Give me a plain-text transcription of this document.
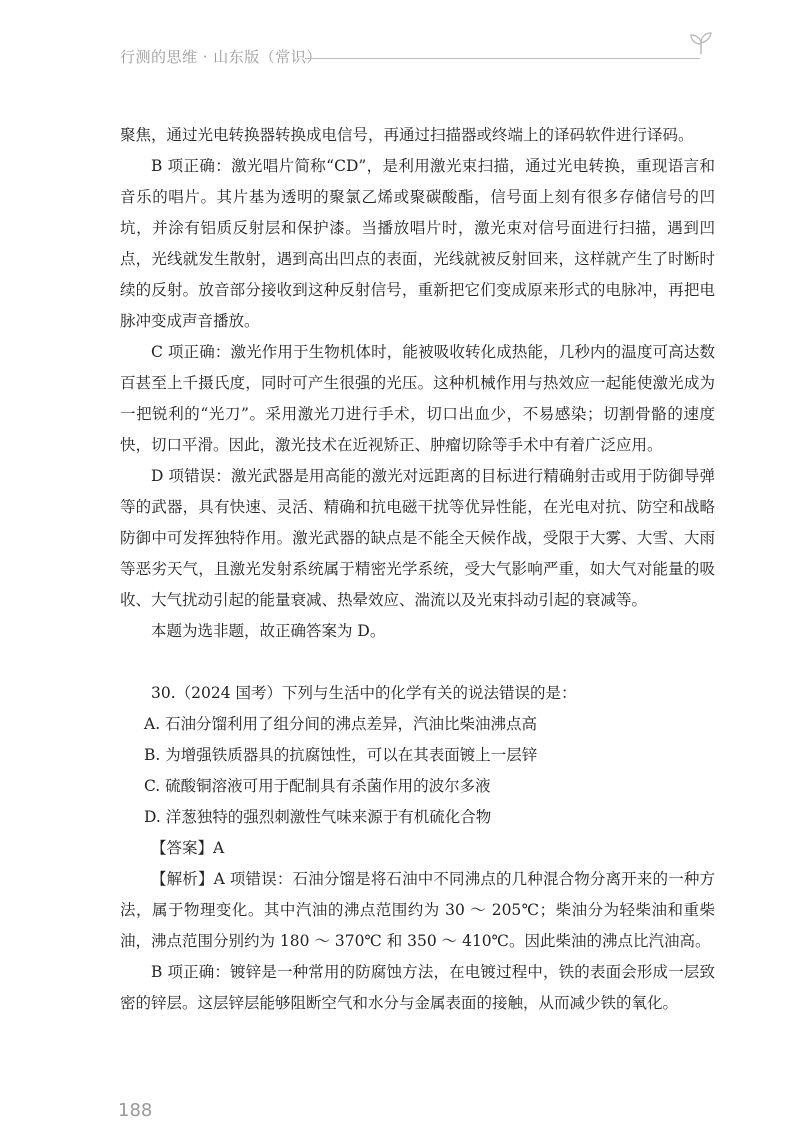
行测的思维 · 山东版（常识）

聚焦，通过光电转换器转换成电信号，再通过扫描器或终端上的译码软件进行译码。

B 项正确：激光唱片简称“CD”，是利用激光束扫描，通过光电转换，重现语言和音乐的唱片。其片基为透明的聚氯乙烯或聚碳酸酯，信号面上刻有很多存储信号的凹坑，并涂有铝质反射层和保护漆。当播放唱片时，激光束对信号面进行扫描，遇到凹点，光线就发生散射，遇到高出凹点的表面，光线就被反射回来，这样就产生了时断时续的反射。放音部分接收到这种反射信号，重新把它们变成原来形式的电脉冲，再把电脉冲变成声音播放。

C 项正确：激光作用于生物机体时，能被吸收转化成热能，几秒内的温度可高达数百甚至上千摄氏度，同时可产生很强的光压。这种机械作用与热效应一起能使激光成为一把锐利的“光刀”。采用激光刀进行手术，切口出血少，不易感染；切割骨骼的速度快，切口平滑。因此，激光技术在近视矫正、肿瘤切除等手术中有着广泛应用。

D 项错误：激光武器是用高能的激光对远距离的目标进行精确射击或用于防御导弹等的武器，具有快速、灵活、精确和抗电磁干扰等优异性能，在光电对抗、防空和战略防御中可发挥独特作用。激光武器的缺点是不能全天候作战，受限于大雾、大雪、大雨等恶劣天气，且激光发射系统属于精密光学系统，受大气影响严重，如大气对能量的吸收、大气扰动引起的能量衰减、热晕效应、湍流以及光束抖动引起的衰减等。

本题为选非题，故正确答案为 D。

30.（2024 国考）下列与生活中的化学有关的说法错误的是：

A. 石油分馏利用了组分间的沸点差异，汽油比柴油沸点高

B. 为增强铁质器具的抗腐蚀性，可以在其表面镀上一层锌

C. 硫酸铜溶液可用于配制具有杀菌作用的波尔多液

D. 洋葱独特的强烈刺激性气味来源于有机硫化合物

【答案】A

【解析】A 项错误：石油分馏是将石油中不同沸点的几种混合物分离开来的一种方法，属于物理变化。其中汽油的沸点范围约为 30 ～ 205℃；柴油分为轻柴油和重柴油，沸点范围分别约为 180 ～ 370℃ 和 350 ～ 410℃。因此柴油的沸点比汽油高。

B 项正确：镀锌是一种常用的防腐蚀方法，在电镀过程中，铁的表面会形成一层致密的锌层。这层锌层能够阻断空气和水分与金属表面的接触，从而减少铁的氧化。

188
